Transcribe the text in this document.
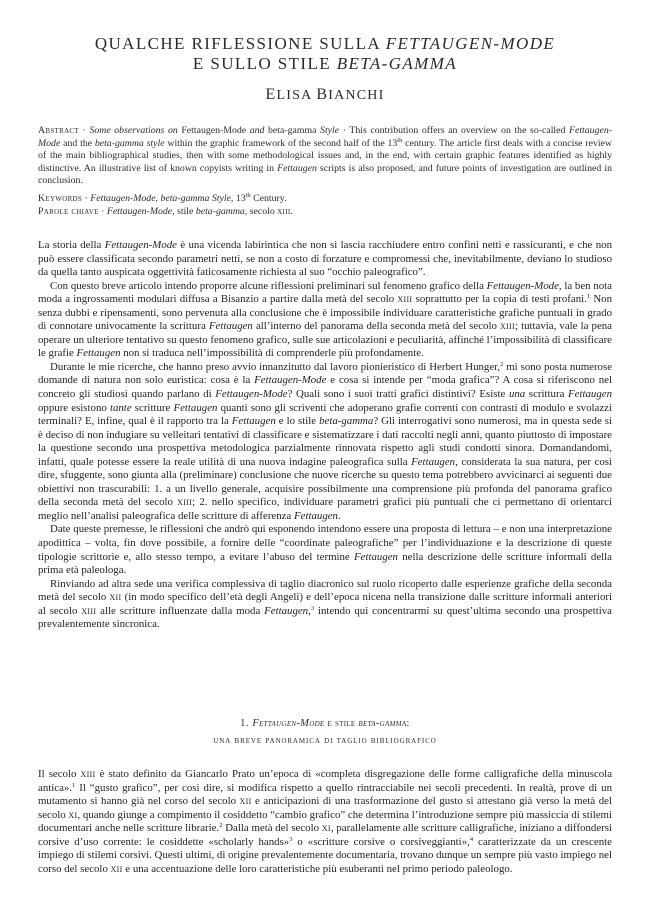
QUALCHE RIFLESSIONE SULLA FETTAUGEN-MODE
E SULLO STILE BETA-GAMMA
ELISA BIANCHI
Abstract · Some observations on Fettaugen-Mode and beta-gamma Style · This contribution offers an overview on the so-called Fettaugen-Mode and the beta-gamma style within the graphic framework of the second half of the 13th century. The article first deals with a concise review of the main bibliographical studies, then with some methodological issues and, in the end, with certain graphic features identified as highly distinctive. An illustrative list of known copyists writing in Fettaugen scripts is also proposed, and future points of investigation are outlined in conclusion.
Keywords · Fettaugen-Mode, beta-gamma Style, 13th Century.
Parole chiave · Fettaugen-Mode, stile beta-gamma, secolo xiii.

La storia della Fettaugen-Mode è una vicenda labirintica che non si lascia racchiudere entro confini netti e rassicuranti, e che non può essere classificata secondo parametri netti, se non a costo di forzature e compromessi che, inevitabilmente, deviano lo studioso da quella tanto auspicata oggettività faticosamente richiesta al suo “occhio paleografico”.

Con questo breve articolo intendo proporre alcune riflessioni preliminari sul fenomeno grafico della Fettaugen-Mode, la ben nota moda a ingrossamenti modulari diffusa a Bisanzio a partire dalla metà del secolo xiii soprattutto per la copia di testi profani.$^1$ Non senza dubbi e ripensamenti, sono pervenuta alla conclusione che è impossibile individuare caratteristiche grafiche puntuali in grado di connotare univocamente la scrittura Fettaugen all’interno del panorama della seconda metà del secolo xiii; tuttavia, vale la pena operare un ulteriore tentativo su questo fenomeno grafico, sulle sue articolazioni e peculiarità, affinché l’impossibilità di classificare le grafie Fettaugen non si traduca nell’impossibilità di comprenderle più profondamente.

Durante le mie ricerche, che hanno preso avvio innanzitutto dal lavoro pionieristico di Herbert Hunger,$^2$ mi sono posta numerose domande di natura non solo euristica: cosa è la Fettaugen-Mode e cosa si intende per “moda grafica”? A cosa si riferiscono nel concreto gli studiosi quando parlano di Fettaugen-Mode? Quali sono i suoi tratti grafici distintivi? Esiste una scrittura Fettaugen oppure esistono tante scritture Fettaugen quanti sono gli scriventi che adoperano grafie correnti con contrasti di modulo e svolazzi terminali? E, infine, qual è il rapporto tra la Fettaugen e lo stile beta-gamma? Gli interrogativi sono numerosi, ma in questa sede si è deciso di non indugiare su velleitari tentativi di classificare e sistematizzare i dati raccolti negli anni, quanto piuttosto di impostare la questione secondo una prospettiva metodologica parzialmente rinnovata rispetto agli studi condotti sinora. Domandandomi, infatti, quale potesse essere la reale utilità di una nuova indagine paleografica sulla Fettaugen, considerata la sua natura, per così dire, sfuggente, sono giunta alla (preliminare) conclusione che nuove ricerche su questo tema potrebbero avvicinarci ai seguenti due obiettivi non trascurabili: 1. a un livello generale, acquisire possibilmente una comprensione più profonda del panorama grafico della seconda metà del secolo xiii; 2. nello specifico, individuare parametri grafici più puntuali che ci permettano di orientarci meglio nell’analisi paleografica delle scritture di afferenza Fettaugen.

Date queste premesse, le riflessioni che andrò qui esponendo intendono essere una proposta di lettura – e non una interpretazione apodittica – volta, fin dove possibile, a fornire delle “coordinate paleografiche” per l’individuazione e la descrizione di queste tipologie scrittorie e, allo stesso tempo, a evitare l’abuso del termine Fettaugen nella descrizione delle scritture informali della prima età paleologa.

Rinviando ad altra sede una verifica complessiva di taglio diacronico sul ruolo ricoperto dalle esperienze grafiche della seconda metà del secolo xii (in modo specifico dell’età degli Angeli) e dell’epoca nicena nella transizione dalle scritture informali anteriori al secolo xiii alle scritture influenzate dalla moda Fettaugen,$^3$ intendo qui concentrarmi su quest’ultima secondo una prospettiva prevalentemente sincronica.

1. Fettaugen-Mode e stile beta-gamma:
una breve panoramica di taglio bibliografico

Il secolo xiii è stato definito da Giancarlo Prato un’epoca di «completa disgregazione delle forme calligrafiche della minuscola antica».$^1$ Il “gusto grafico”, per così dire, si modifica rispetto a quello rintracciabile nei secoli precedenti. In realtà, prove di un mutamento si hanno già nel corso del secolo xii e anticipazioni di una trasformazione del gusto si attestano già verso la metà del secolo xi, quando giunge a compimento il cosiddetto “cambio grafico” che determina l’introduzione sempre più massiccia di stilemi documentari anche nelle scritture librarie.$^2$ Dalla metà del secolo xi, parallelamente alle scritture calligrafiche, iniziano a diffondersi corsive d’uso corrente: le cosiddette «scholarly hands»$^3$ o «scritture corsive o corsiveggianti»,$^4$ caratterizzate da un crescente impiego di stilemi corsivi. Questi ultimi, di origine prevalentemente documentaria, trovano dunque un sempre più vasto impiego nel corso del secolo xii e una accentuazione delle loro caratteristiche più esuberanti nel primo periodo paleologo.
